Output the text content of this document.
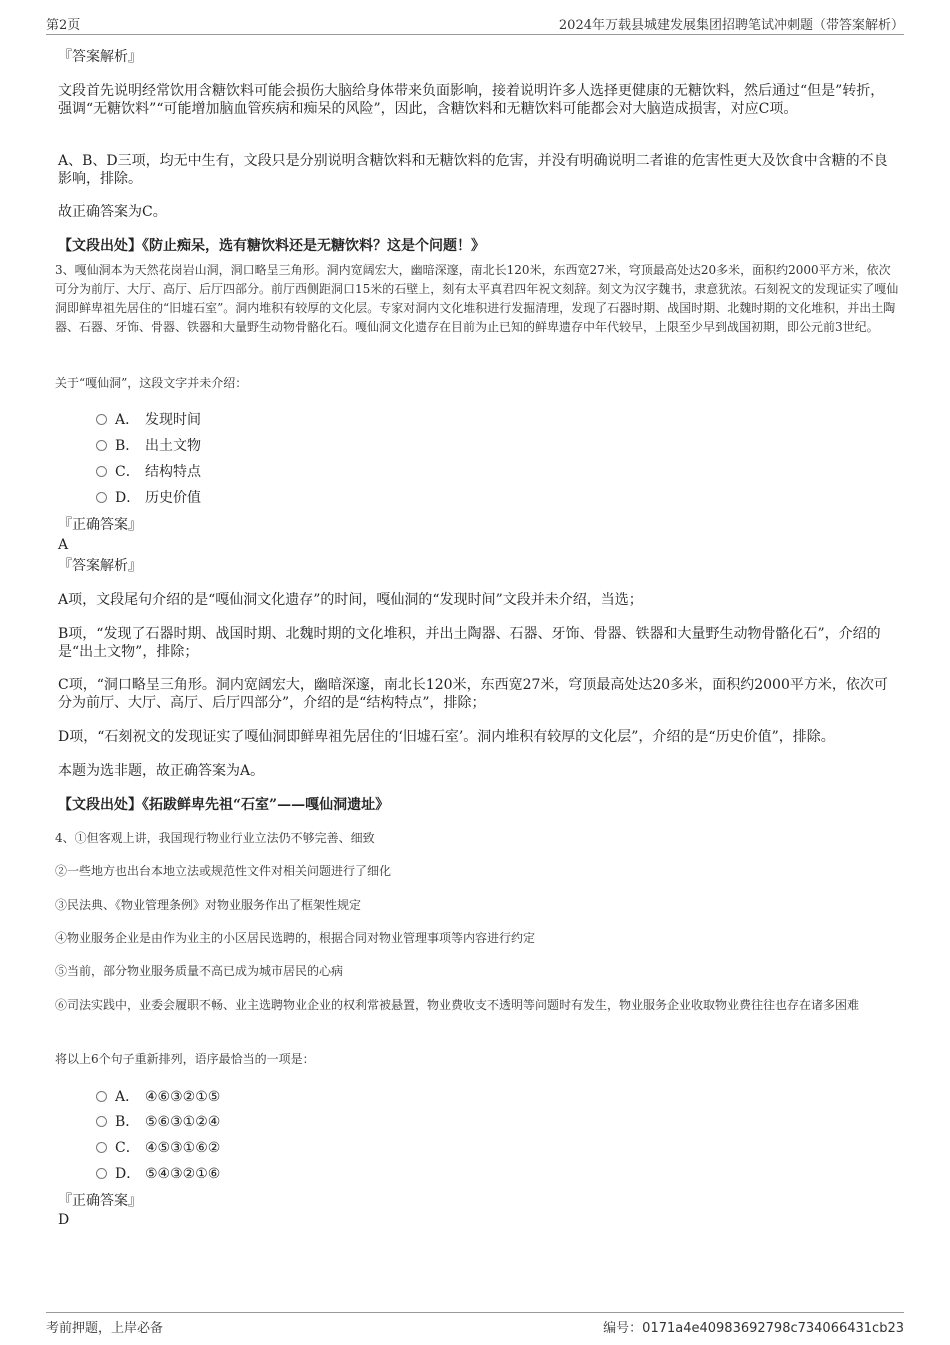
第2页	2024年万载县城建发展集团招聘笔试冲刺题（带答案解析）
『答案解析』
文段首先说明经常饮用含糖饮料可能会损伤大脑给身体带来负面影响，接着说明许多人选择更健康的无糖饮料，然后通过“但是”转折，强调“无糖饮料”“可能增加脑血管疾病和痴呆的风险”，因此，含糖饮料和无糖饮料可能都会对大脑造成损害，对应C项。
A、B、D三项，均无中生有，文段只是分别说明含糖饮料和无糖饮料的危害，并没有明确说明二者谁的危害性更大及饮食中含糖的不良影响，排除。
故正确答案为C。
【文段出处】《防止痴呆，选有糖饮料还是无糖饮料？这是个问题！》
3、嘎仙洞本为天然花岗岩山洞，洞口略呈三角形。洞内宽阔宏大，幽暗深邃，南北长120米，东西宽27米，穹顶最高处达20多米，面积约2000平方米，依次可分为前厅、大厅、高厅、后厅四部分。前厅西侧距洞口15米的石壁上，刻有太平真君四年祝文刻辞。刻文为汉字魏书，隶意犹浓。石刻祝文的发现证实了嘎仙洞即鲜卑祖先居住的“旧墟石室”。洞内堆积有较厚的文化层。专家对洞内文化堆积进行发掘清理，发现了石器时期、战国时期、北魏时期的文化堆积，并出土陶器、石器、牙饰、骨器、铁器和大量野生动物骨骼化石。嘎仙洞文化遗存在目前为止已知的鲜卑遗存中年代较早，上限至少早到战国初期，即公元前3世纪。
关于“嘎仙洞”，这段文字并未介绍：
A． 发现时间
B． 出土文物
C． 结构特点
D． 历史价值
『正确答案』
A
『答案解析』
A项，文段尾句介绍的是“嘎仙洞文化遗存”的时间，嘎仙洞的“发现时间”文段并未介绍，当选；
B项，“发现了石器时期、战国时期、北魏时期的文化堆积，并出土陶器、石器、牙饰、骨器、铁器和大量野生动物骨骼化石”，介绍的是“出土文物”，排除；
C项，“洞口略呈三角形。洞内宽阔宏大，幽暗深邃，南北长120米，东西宽27米，穹顶最高处达20多米，面积约2000平方米，依次可分为前厅、大厅、高厅、后厅四部分”，介绍的是“结构特点”，排除；
D项，“石刻祝文的发现证实了嘎仙洞即鲜卑祖先居住的‘旧墟石室’。洞内堆积有较厚的文化层”，介绍的是“历史价值”，排除。
本题为选非题，故正确答案为A。
【文段出处】《拓跋鲜卑先祖“石室”——嘎仙洞遗址》
4、①但客观上讲，我国现行物业行业立法仍不够完善、细致
②一些地方也出台本地立法或规范性文件对相关问题进行了细化
③民法典、《物业管理条例》对物业服务作出了框架性规定
④物业服务企业是由作为业主的小区居民选聘的，根据合同对物业管理事项等内容进行约定
⑤当前，部分物业服务质量不高已成为城市居民的心病
⑥司法实践中，业委会履职不畅、业主选聘物业企业的权利常被悬置，物业费收支不透明等问题时有发生，物业服务企业收取物业费往往也存在诸多困难
将以上6个句子重新排列，语序最恰当的一项是：
A． ④⑥③②①⑤
B． ⑤⑥③①②④
C． ④⑤③①⑥②
D． ⑤④③②①⑥
『正确答案』
D
考前押题，上岸必备	编号：0171a4e40983692798c734066431cb23
